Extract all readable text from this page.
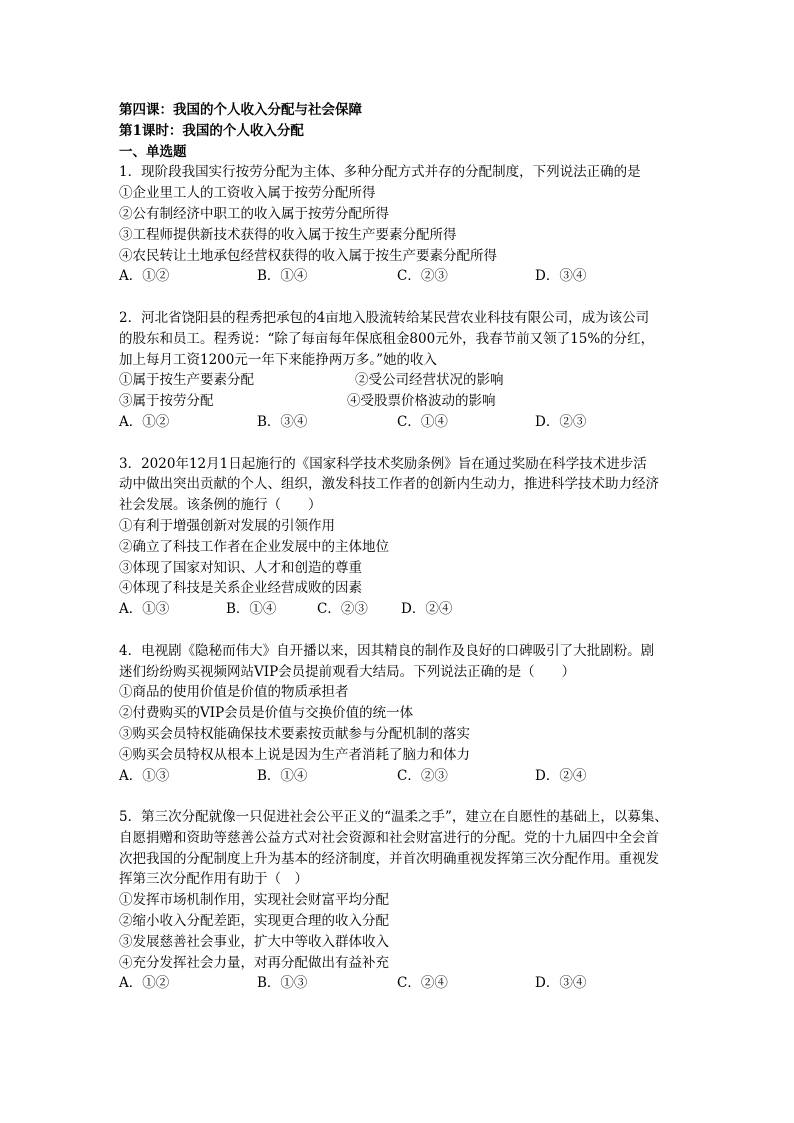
第四课：我国的个人收入分配与社会保障
第1课时：我国的个人收入分配
一、单选题
1．现阶段我国实行按劳分配为主体、多种分配方式并存的分配制度，下列说法正确的是
①企业里工人的工资收入属于按劳分配所得
②公有制经济中职工的收入属于按劳分配所得
③工程师提供新技术获得的收入属于按生产要素分配所得
④农民转让土地承包经营权获得的收入属于按生产要素分配所得
A．①②	B．①④	C．②③	D．③④
2．河北省饶阳县的程秀把承包的4亩地入股流转给某民营农业科技有限公司，成为该公司
的股东和员工。程秀说：“除了每亩每年保底租金800元外，我春节前又领了15%的分红，
加上每月工资1200元一年下来能挣两万多。”她的收入
①属于按生产要素分配	②受公司经营状况的影响
③属于按劳分配	④受股票价格波动的影响
A．①②	B．③④	C．①④	D．②③
3．2020年12月1日起施行的《国家科学技术奖励条例》旨在通过奖励在科学技术进步活
动中做出突出贡献的个人、组织，激发科技工作者的创新内生动力，推进科学技术助力经济
社会发展。该条例的施行（　　）
①有利于增强创新对发展的引领作用
②确立了科技工作者在企业发展中的主体地位
③体现了国家对知识、人才和创造的尊重
④体现了科技是关系企业经营成败的因素
A．①③	B．①④	C．②③	D．②④
4．电视剧《隐秘而伟大》自开播以来，因其精良的制作及良好的口碑吸引了大批剧粉。剧
迷们纷纷购买视频网站VIP会员提前观看大结局。下列说法正确的是（　　）
①商品的使用价值是价值的物质承担者
②付费购买的VIP会员是价值与交换价值的统一体
③购买会员特权能确保技术要素按贡献参与分配机制的落实
④购买会员特权从根本上说是因为生产者消耗了脑力和体力
A．①③	B．①④	C．②③	D．②④
5．第三次分配就像一只促进社会公平正义的“温柔之手”，建立在自愿性的基础上，以募集、
自愿捐赠和资助等慈善公益方式对社会资源和社会财富进行的分配。党的十九届四中全会首
次把我国的分配制度上升为基本的经济制度，并首次明确重视发挥第三次分配作用。重视发
挥第三次分配作用有助于（　）
①发挥市场机制作用，实现社会财富平均分配
②缩小收入分配差距，实现更合理的收入分配
③发展慈善社会事业，扩大中等收入群体收入
④充分发挥社会力量，对再分配做出有益补充
A．①②	B．①③	C．②④	D．③④
